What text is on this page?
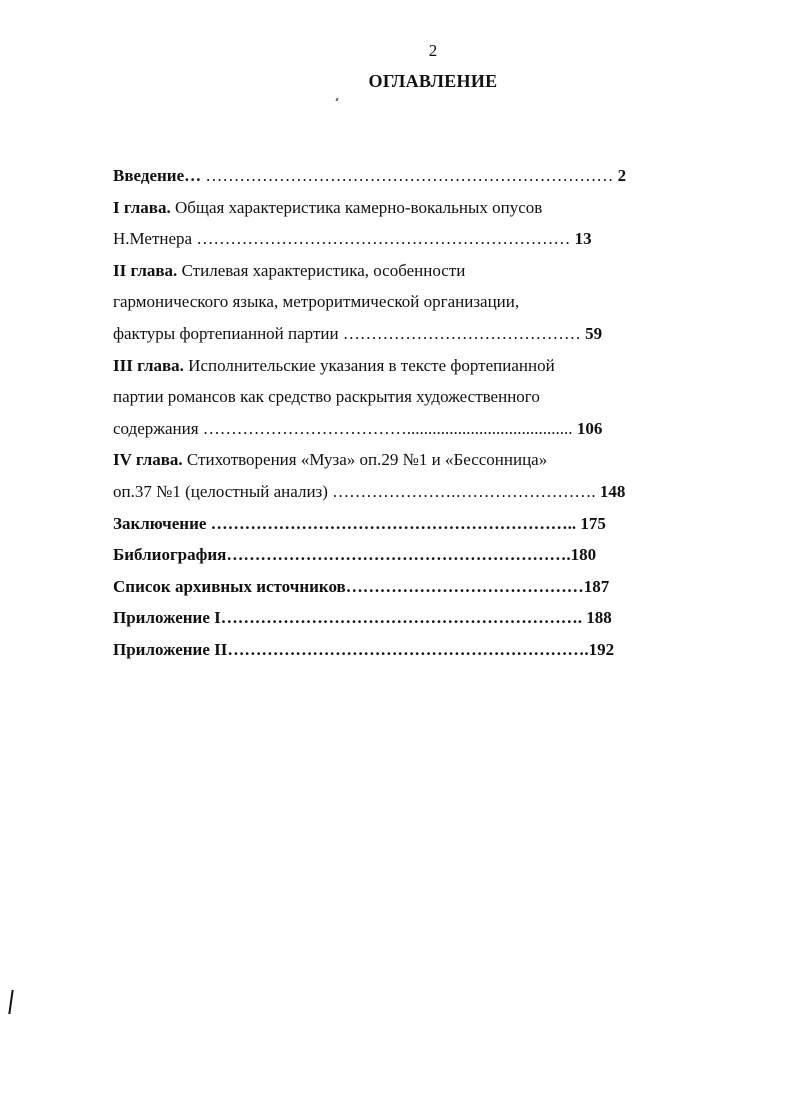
2
ОГЛАВЛЕНИЕ
Введение… ……………………………………………………………… 2
I глава. Общая характеристика камерно-вокальных опусов
Н.Метнера ………………………………………………………… 13
II глава. Стилевая характеристика, особенности
гармонического языка, метроритмической организации,
фактуры фортепианной партии …………………………………… 59
III глава. Исполнительские указания в тексте фортепианной
партии романсов как средство раскрытия художественного
содержания ………………………………....................................... 106
IV глава. Стихотворения «Муза» оп.29 №1 и «Бессонница»
оп.37 №1 (целостный анализ) ………………….……………………. 148
Заключение ……………………………………………………….. 175
Библиография…………………………………………………….180
Список архивных источников……………………………………187
Приложение I………………………………………………………. 188
Приложение II……………………………………………………….192
